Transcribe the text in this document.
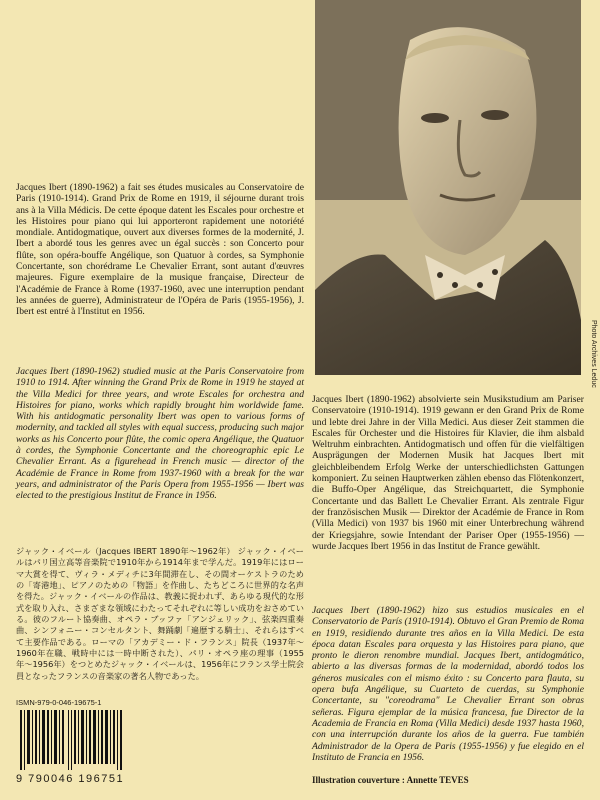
Photo Archives Leduc

Jacques Ibert (1890-1962) a fait ses études musicales au Conservatoire de Paris (1910-1914). Grand Prix de Rome en 1919, il séjourne durant trois ans à la Villa Médicis. De cette époque datent les Escales pour orchestre et les Histoires pour piano qui lui apporteront rapidement une notoriété mondiale. Antidogmatique, ouvert aux diverses formes de la modernité, J. Ibert a abordé tous les genres avec un égal succès : son Concerto pour flûte, son opéra-bouffe Angélique, son Quatuor à cordes, sa Symphonie Concertante, son chorédrame Le Chevalier Errant, sont autant d'œuvres majeures. Figure exemplaire de la musique française, Directeur de l'Académie de France à Rome (1937-1960, avec une interruption pendant les années de guerre), Administrateur de l'Opéra de Paris (1955-1956), J. Ibert est entré à l'Institut en 1956.

Jacques Ibert (1890-1962) studied music at the Paris Conservatoire from 1910 to 1914. After winning the Grand Prix de Rome in 1919 he stayed at the Villa Medici for three years, and wrote Escales for orchestra and Histoires for piano, works which rapidly brought him worldwide fame. With his antidogmatic personality Ibert was open to various forms of modernity, and tackled all styles with equal success, producing such major works as his Concerto pour flûte, the comic opera Angélique, the Quatuor à cordes, the Symphonie Concertante and the choreographic epic Le Chevalier Errant. As a figurehead in French music — director of the Académie de France in Rome from 1937-1960 with a break for the war years, and administrator of the Paris Opera from 1955-1956 — Ibert was elected to the prestigious Institut de France in 1956.

ジャック・イベール（Jacques IBERT 1890年〜1962年） ジャック・イベールはパリ国立高等音楽院で1910年から1914年まで学んだ。1919年にはローマ大賞を得て、ヴィラ・メディチに3年間滞在し、その間オーケストラのための「寄港地」、ピアノのための「物語」を作曲し、たちどころに世界的な名声を得た。ジャック・イベールの作品は、教義に捉われず、あらゆる現代的な形式を取り入れ、さまざまな領域にわたってそれぞれに等しい成功をおさめている。彼のフルート協奏曲、オペラ・ブッファ「アンジェリック」、弦楽四重奏曲、シンフォニー・コンセルタント、舞踊劇「遍歴する騎士」、それらはすべて主要作品である。ローマの「アカデミー・ド・フランス」院長（1937年〜1960年在職、戦時中には一時中断された）、パリ・オペラ座の理事（1955年〜1956年）をつとめたジャック・イベールは、1956年にフランス学士院会員となったフランスの音楽家の著名人物であった。

Jacques Ibert (1890-1962) absolvierte sein Musikstudium am Pariser Conservatoire (1910-1914). 1919 gewann er den Grand Prix de Rome und lebte drei Jahre in der Villa Medici. Aus dieser Zeit stammen die Escales für Orchester und die Histoires für Klavier, die ihm alsbald Weltruhm einbrachten. Antidogmatisch und offen für die vielfältigen Ausprägungen der Modernen Musik hat Jacques Ibert mit gleichbleibendem Erfolg Werke der unterschiedlichsten Gattungen komponiert. Zu seinen Hauptwerken zählen ebenso das Flötenkonzert, die Buffo-Oper Angélique, das Streichquartett, die Symphonie Concertante und das Ballett Le Chevalier Errant. Als zentrale Figur der französischen Musik — Direktor der Académie de France in Rom (Villa Medici) von 1937 bis 1960 mit einer Unterbrechung während der Kriegsjahre, sowie Intendant der Pariser Oper (1955-1956) — wurde Jacques Ibert 1956 in das Institut de France gewählt.

Jacques Ibert (1890-1962) hizo sus estudios musicales en el Conservatorio de París (1910-1914). Obtuvo el Gran Premio de Roma en 1919, residiendo durante tres años en la Villa Medici. De esta época datan Escales para orquesta y las Histoires para piano, que pronto le dieron renombre mundial. Jacques Ibert, antidogmático, abierto a las diversas formas de la modernidad, abordó todos los géneros musicales con el mismo éxito : su Concerto para flauta, su opera bufa Angélique, su Cuarteto de cuerdas, su Symphonie Concertante, su "coreodrama" Le Chevalier Errant son obras señeras. Figura ejemplar de la música francesa, fue Director de la Academia de Francia en Roma (Villa Medici) desde 1937 hasta 1960, con una interrupción durante los años de la guerra. Fue también Administrador de la Opera de Paris (1955-1956) y fue elegido en el Instituto de Francia en 1956.

ISMN-979-0-046-19675-1
9 790046 196751	Illustration couverture : Annette TEVES
